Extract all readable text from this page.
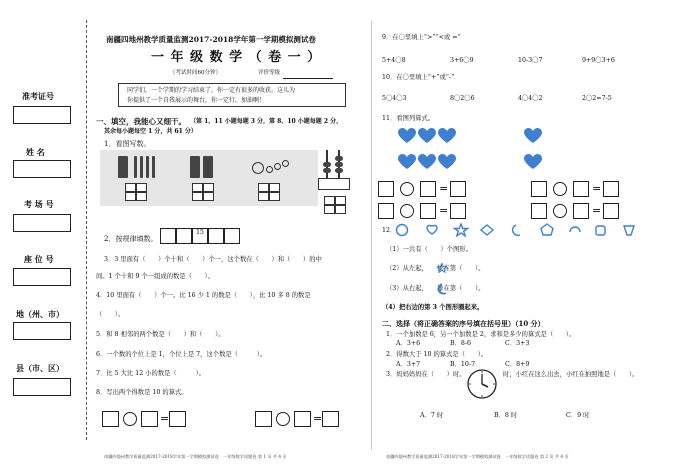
准考证号
姓 名
考 场 号
座 位 号
地（州、市）
县（市、区）
南疆四地州教学质量监测2017-2018学年第一学期模拟测试卷
一 年 级 数 学 （ 卷 一 ）
（考试时间60分钟）	评价等级
同学们，一个学期的学习结束了，你一定有很多的收获。这儿为
你提供了一个自我展示的舞台，你一定行，加油啊！
一、填空，我能心又细干。 （第 1、11 小题每题 3 分，第 8、10 小题每题 2 分，
其余每小题每空 1 分，共 61 分）
1．看图写数。
2．按规律填数。
15
3．3 里面有（　　）个十和（　　）个一，这个数在（　　）和（　　）的中
间。1 个十和 9 个一组成的数是（　　）。
4．10 里面有（　　）个一。比 16 少 1 的数是（　　），比 10 多 8 的数是
（　　）。
5．和 8 相邻的两个数是（　　）和（　　）。
6．一个数的个位上是 1，个位上是 7，这个数是（　　　）。
7．比 5 大比 12 小的数是（　　　）。
8．写出两个得数是 10 的算式。
=	=
南疆四地州教学质量监测2017-2018学年第一学期模拟测试卷　一年级数学试题卷 第 1 页 共 4 页
9．在〇里填上“>”“<或 =”
5+4〇8	3+6〇9	10-3〇7	9+9〇3+6
10．在〇里填上“+”或“-”
5〇4〇3	8〇2〇6	4〇4〇2	2〇2=7-5
11．看图列算式。
=	=
=	=
12．
（1）一共有（　　）个图形。
（2）从左起，　　排在第（　　）。
（3）从右起，　　排在第（　　）。
（4）把右边的第 3 个图形圈起来。
二、选择（将正确答案的序号填在括号里）（10 分）
1．一个加数是 6，另一个加数是 2，求和是多少的算式是（　　）。
A．3+6	B．8-6	C．3+3
2．得数大于 10 的算式是（　　）。
A．3+7	B．10-7	C．8+9
3．妈妈妈妈在（　　）时。	时，小红在这么出去，小红在拍照地是（　　）。
A．7 时	B．8 时	C．9 时
南疆四地州教学质量监测2017-2018学年第一学期模拟测试卷　一年级数学试题卷 第 2 页 共 4 页
